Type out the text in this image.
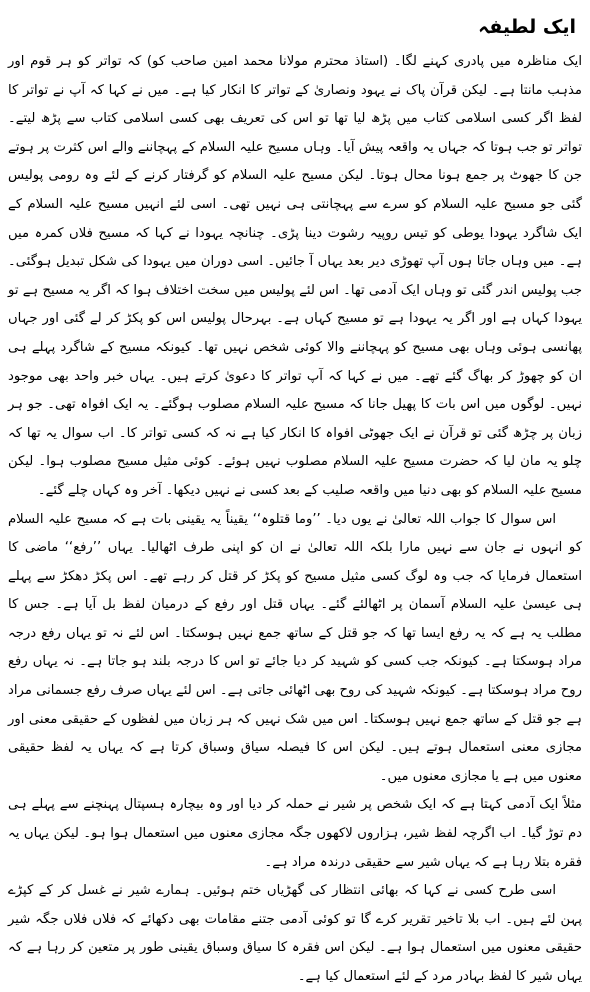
ایک لطیفہ

ایک مناظرہ میں پادری کہنے لگا۔ (استاذ محترم مولانا محمد امین صاحب کو) کہ تواتر کو ہر قوم اور مذہب مانتا ہے۔ لیکن قرآن پاک نے یہود ونصاریٰ کے تواتر کا انکار کیا ہے۔ میں نے کہا کہ آپ نے تواتر کا لفظ اگر کسی اسلامی کتاب میں پڑھ لیا تھا تو اس کی تعریف بھی کسی اسلامی کتاب سے پڑھ لیتے۔ تواتر تو جب ہوتا کہ جہاں یہ واقعہ پیش آیا۔ وہاں مسیح علیہ السلام کے پہچاننے والے اس کثرت پر ہوتے جن کا جھوٹ پر جمع ہونا محال ہوتا۔ لیکن مسیح علیہ السلام کو گرفتار کرنے کے لئے وہ رومی پولیس گئی جو مسیح علیہ السلام کو سرے سے پہچانتی ہی نہیں تھی۔ اسی لئے انہیں مسیح علیہ السلام کے ایک شاگرد یہودا یوطی کو تیس روپیہ رشوت دینا پڑی۔ چنانچہ یہودا نے کہا کہ مسیح فلاں کمرہ میں ہے۔ میں وہاں جاتا ہوں آپ تھوڑی دیر بعد یہاں آ جائیں۔ اسی دوران میں یہودا کی شکل تبدیل ہوگئی۔ جب پولیس اندر گئی تو وہاں ایک آدمی تھا۔ اس لئے پولیس میں سخت اختلاف ہوا کہ اگر یہ مسیح ہے تو یہودا کہاں ہے اور اگر یہ یہودا ہے تو مسیح کہاں ہے۔ بہرحال پولیس اس کو پکڑ کر لے گئی اور جہاں پھانسی ہوئی وہاں بھی مسیح کو پہچاننے والا کوئی شخص نہیں تھا۔ کیونکہ مسیح کے شاگرد پہلے ہی ان کو چھوڑ کر بھاگ گئے تھے۔ میں نے کہا کہ آپ تواتر کا دعویٰ کرتے ہیں۔ یہاں خبر واحد بھی موجود نہیں۔ لوگوں میں اس بات کا پھیل جانا کہ مسیح علیہ السلام مصلوب ہوگئے۔ یہ ایک افواہ تھی۔ جو ہر زبان پر چڑھ گئی تو قرآن نے ایک جھوٹی افواہ کا انکار کیا ہے نہ کہ کسی تواتر کا۔ اب سوال یہ تھا کہ چلو یہ مان لیا کہ حضرت مسیح علیہ السلام مصلوب نہیں ہوئے۔ کوئی مثیل مسیح مصلوب ہوا۔ لیکن مسیح علیہ السلام کو بھی دنیا میں واقعہ صلیب کے بعد کسی نے نہیں دیکھا۔ آخر وہ کہاں چلے گئے۔

اس سوال کا جواب اللہ تعالیٰ نے یوں دیا۔ ’’وما قتلوہ‘‘ یقیناً یہ یقینی بات ہے کہ مسیح علیہ السلام کو انہوں نے جان سے نہیں مارا بلکہ اللہ تعالیٰ نے ان کو اپنی طرف اٹھالیا۔ یہاں ’’رفع‘‘ ماضی کا استعمال فرمایا کہ جب وہ لوگ کسی مثیل مسیح کو پکڑ کر قتل کر رہے تھے۔ اس پکڑ دھکڑ سے پہلے ہی عیسیٰ علیہ السلام آسمان پر اٹھالئے گئے۔ یہاں قتل اور رفع کے درمیان لفظ بل آیا ہے۔ جس کا مطلب یہ ہے کہ یہ رفع ایسا تھا کہ جو قتل کے ساتھ جمع نہیں ہوسکتا۔ اس لئے نہ تو یہاں رفع درجہ مراد ہوسکتا ہے۔ کیونکہ جب کسی کو شہید کر دیا جائے تو اس کا درجہ بلند ہو جاتا ہے۔ نہ یہاں رفع روح مراد ہوسکتا ہے۔ کیونکہ شہید کی روح بھی اٹھائی جاتی ہے۔ اس لئے یہاں صرف رفع جسمانی مراد ہے جو قتل کے ساتھ جمع نہیں ہوسکتا۔ اس میں شک نہیں کہ ہر زبان میں لفظوں کے حقیقی معنی اور مجازی معنی استعمال ہوتے ہیں۔ لیکن اس کا فیصلہ سیاق وسباق کرتا ہے کہ یہاں یہ لفظ حقیقی معنوں میں ہے یا مجازی معنوں میں۔

مثلاً ایک آدمی کہتا ہے کہ ایک شخص پر شیر نے حملہ کر دیا اور وہ بیچارہ ہسپتال پہنچنے سے پہلے ہی دم توڑ گیا۔ اب اگرچہ لفظ شیر، ہزاروں لاکھوں جگہ مجازی معنوں میں استعمال ہوا ہو۔ لیکن یہاں یہ فقرہ بتلا رہا ہے کہ یہاں شیر سے حقیقی درندہ مراد ہے۔

اسی طرح کسی نے کہا کہ بھائی انتظار کی گھڑیاں ختم ہوئیں۔ ہمارے شیر نے غسل کر کے کپڑے پہن لئے ہیں۔ اب بلا تاخیر تقریر کرے گا تو کوئی آدمی جتنے مقامات بھی دکھائے کہ فلاں فلاں جگہ شیر حقیقی معنوں میں استعمال ہوا ہے۔ لیکن اس فقرہ کا سیاق وسباق یقینی طور پر متعین کر رہا ہے کہ یہاں شیر کا لفظ بہادر مرد کے لئے استعمال کیا ہے۔
